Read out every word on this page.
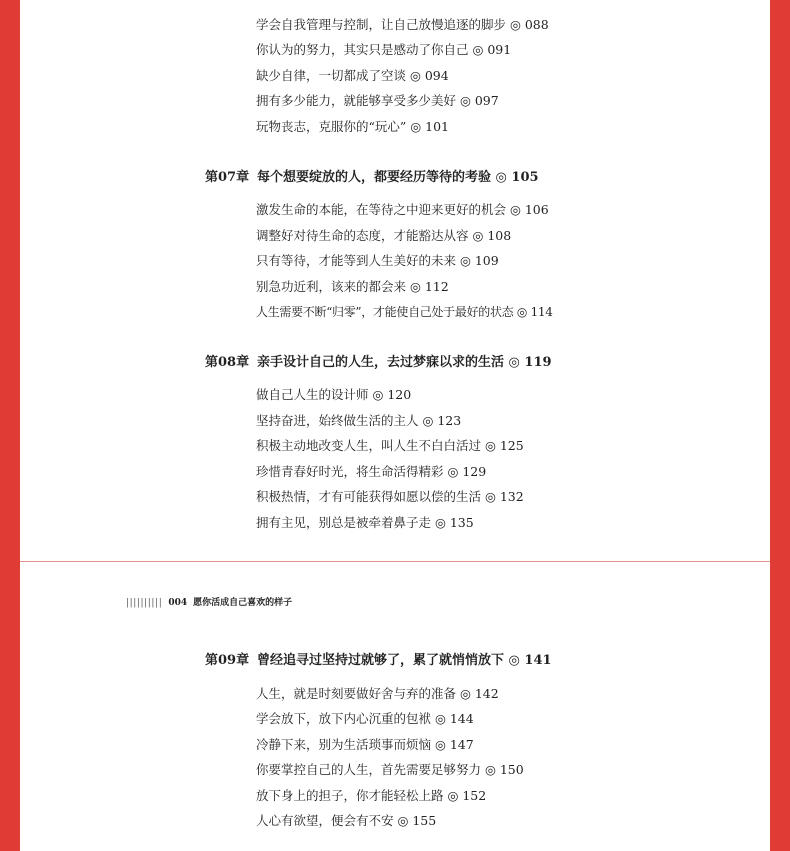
学会自我管理与控制，让自己放慢追逐的脚步 ◎ 088
你认为的努力，其实只是感动了你自己 ◎ 091
缺少自律，一切都成了空谈 ◎ 094
拥有多少能力，就能够享受多少美好 ◎ 097
玩物丧志，克服你的“玩心” ◎ 101
第07章 每个想要绽放的人，都要经历等待的考验 ◎ 105
激发生命的本能，在等待之中迎来更好的机会 ◎ 106
调整好对待生命的态度，才能豁达从容 ◎ 108
只有等待，才能等到人生美好的未来 ◎ 109
别急功近利，该来的都会来 ◎ 112
人生需要不断“归零”，才能使自己处于最好的状态 ◎ 114
第08章 亲手设计自己的人生，去过梦寐以求的生活 ◎ 119
做自己人生的设计师 ◎ 120
坚持奋进，始终做生活的主人 ◎ 123
积极主动地改变人生，叫人生不白白活过 ◎ 125
珍惜青春好时光，将生命活得精彩 ◎ 129
积极热情，才有可能获得如愿以偿的生活 ◎ 132
拥有主见，别总是被牵着鼻子走 ◎ 135
|||||||||| 004 愿你活成自己喜欢的样子
第09章 曾经追寻过坚持过就够了，累了就悄悄放下 ◎ 141
人生，就是时刻要做好舍与弃的准备 ◎ 142
学会放下，放下内心沉重的包袱 ◎ 144
冷静下来，别为生活琐事而烦恼 ◎ 147
你要掌控自己的人生，首先需要足够努力 ◎ 150
放下身上的担子，你才能轻松上路 ◎ 152
人心有欲望，便会有不安 ◎ 155
